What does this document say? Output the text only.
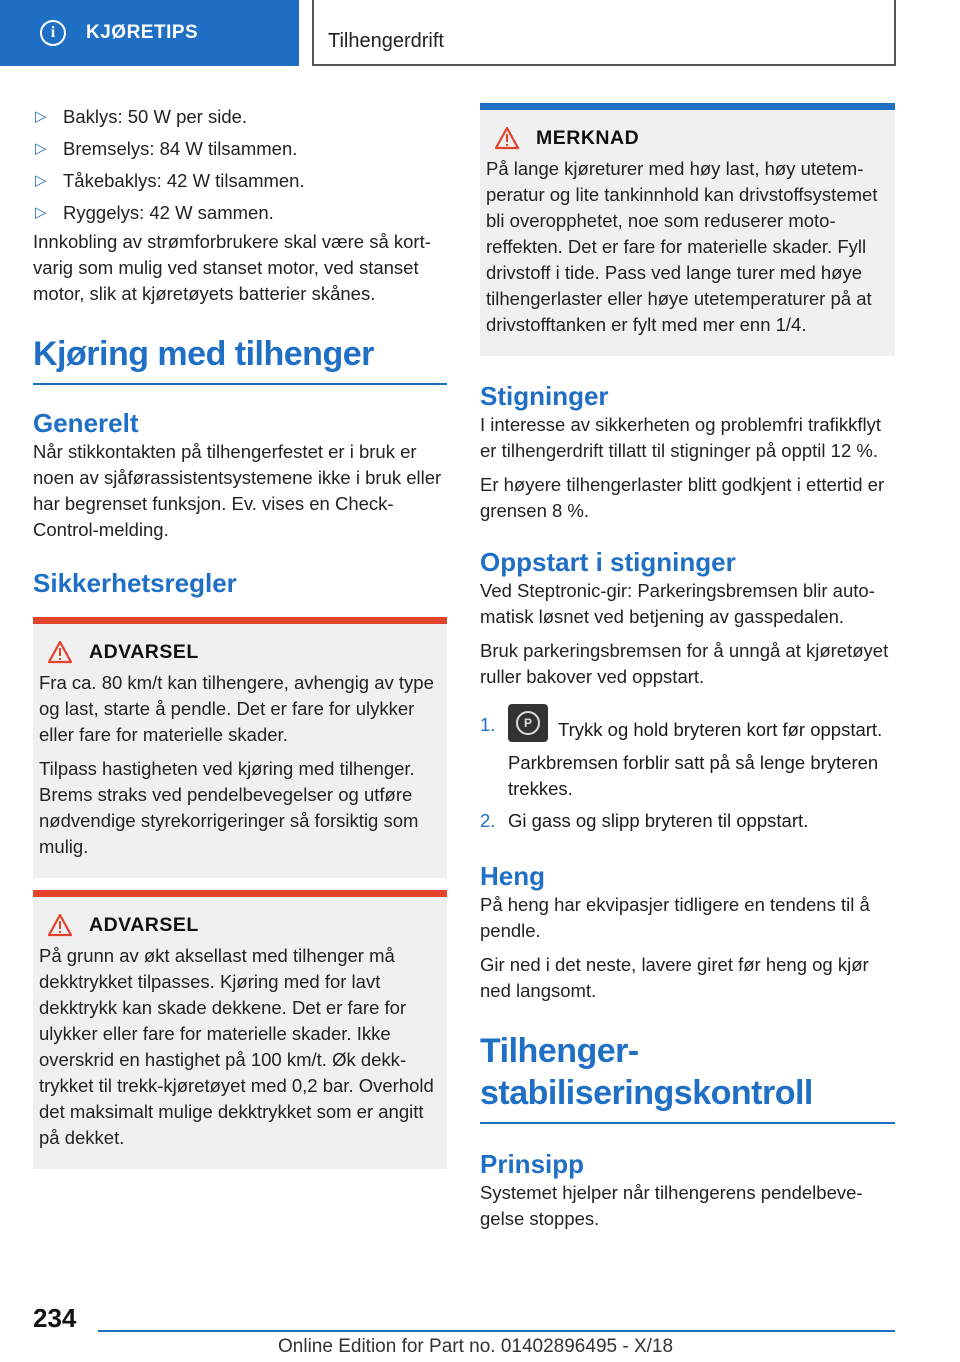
i	KJØRETIPS	Tilhengerdrift
▷ Baklys: 50 W per side.
▷ Bremselys: 84 W tilsammen.
▷ Tåkebaklys: 42 W tilsammen.
▷ Ryggelys: 42 W sammen.

Innkobling av strømforbrukere skal være så kortvarig som mulig ved stanset motor, ved stanset motor, slik at kjøretøyets batterier skånes.

Kjøring med tilhenger
Generelt

Når stikkontakten på tilhengerfestet er i bruk er noen av sjåførassistentsystemene ikke i bruk eller har begrenset funksjon. Ev. vises en Check-Control-melding.

Sikkerhetsregler
ADVARSEL

Fra ca. 80 km/t kan tilhengere, avhengig av type og last, starte å pendle. Det er fare for ulykker eller fare for materielle skader.

Tilpass hastigheten ved kjøring med tilhenger. Brems straks ved pendelbevegelser og utføre nødvendige styrekorrigeringer så forsiktig som mulig.

ADVARSEL

På grunn av økt aksellast med tilhenger må dekktrykket tilpasses. Kjøring med for lavt dekktrykk kan skade dekkene. Det er fare for ulykker eller fare for materielle skader. Ikke overskrid en hastighet på 100 km/t. Øk dekktrykket til trekk-kjøretøyet med 0,2 bar. Overhold det maksimalt mulige dekktrykket som er angitt på dekket.

MERKNAD

På lange kjøreturer med høy last, høy utetemperatur og lite tankinnhold kan drivstoffsystemet bli overopphetet, noe som reduserer motoreffekten. Det er fare for materielle skader. Fyll drivstoff i tide. Pass ved lange turer med høye tilhengerlaster eller høye utetemperaturer på at drivstofftanken er fylt med mer enn 1/4.

Stigninger

I interesse av sikkerheten og problemfri trafikkflyt er tilhengerdrift tillatt til stigninger på opptil 12 %.

Er høyere tilhengerlaster blitt godkjent i ettertid er grensen 8 %.

Oppstart i stigninger

Ved Steptronic-gir: Parkeringsbremsen blir automatisk løsnet ved betjening av gasspedalen.

Bruk parkeringsbremsen for å unngå at kjøretøyet ruller bakover ved oppstart.

1.	P	Trykk og hold bryteren kort før oppstart.
Parkbremsen forblir satt på så lenge bryteren trekkes.
2. Gi gass og slipp bryteren til oppstart.
Heng

På heng har ekvipasjer tidligere en tendens til å pendle.

Gir ned i det neste, lavere giret før heng og kjør ned langsomt.

Tilhenger-
stabiliseringskontroll
Prinsipp

Systemet hjelper når tilhengerens pendelbevegelse stoppes.

234
Online Edition for Part no. 01402896495 - X/18
